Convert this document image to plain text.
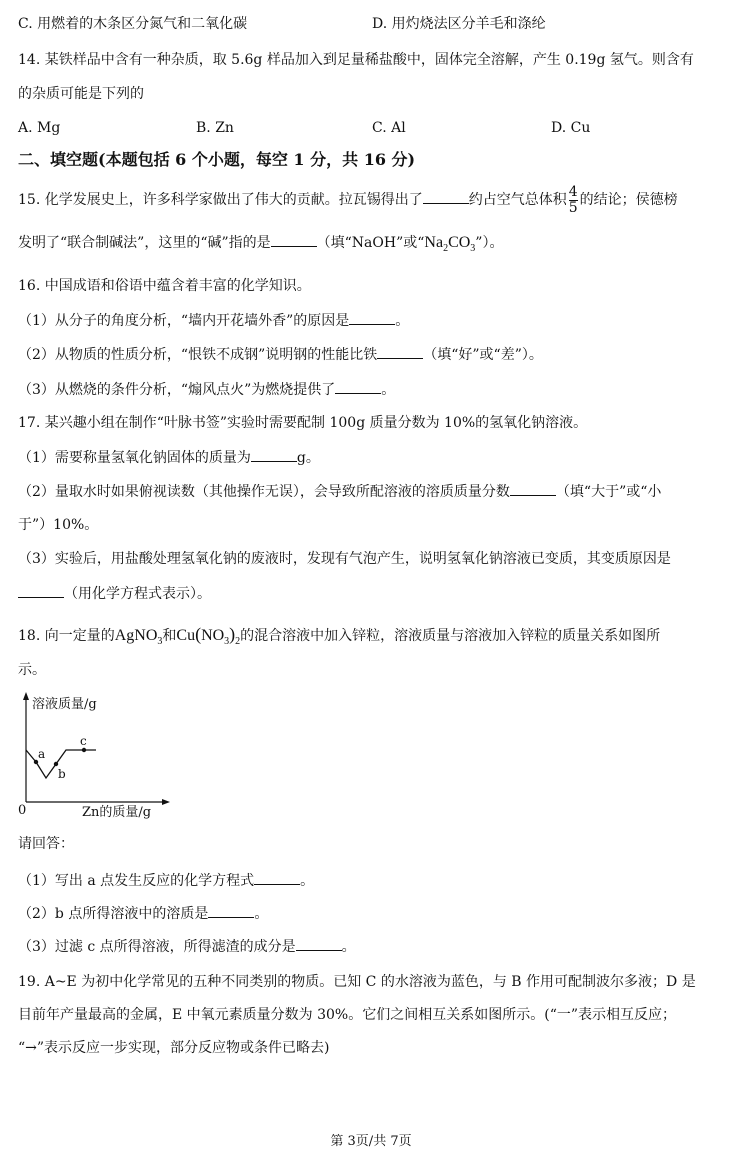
C. 用燃着的木条区分氮气和二氧化碳	D. 用灼烧法区分羊毛和涤纶
14. 某铁样品中含有一种杂质，取 5.6g 样品加入到足量稀盐酸中，固体完全溶解，产生 0.19g 氢气。则含有
的杂质可能是下列的
A. Mg	B. Zn	C. Al	D. Cu
二、填空题(本题包括 6 个小题，每空 1 分，共 16 分)
15. 化学发展史上，许多科学家做出了伟大的贡献。拉瓦锡得出了	约占空气总体积 $\frac{4}{5}$ 的结论；侯德榜
发明了“联合制碱法”，这里的“碱”指的是	（填“NaOH”或“$Na_2CO_3$”）。
16. 中国成语和俗语中蕴含着丰富的化学知识。
（1）从分子的角度分析，“墙内开花墙外香”的原因是	。
（2）从物质的性质分析，“恨铁不成钢”说明钢的性能比铁	（填“好”或“差”）。
（3）从燃烧的条件分析，“煽风点火”为燃烧提供了	。
17. 某兴趣小组在制作“叶脉书签”实验时需要配制 100g 质量分数为 10%的氢氧化钠溶液。
（1）需要称量氢氧化钠固体的质量为	g。
（2）量取水时如果俯视读数（其他操作无误），会导致所配溶液的溶质质量分数	（填“大于”或“小
于”）10%。
（3）实验后，用盐酸处理氢氧化钠的废液时，发现有气泡产生，说明氢氧化钠溶液已变质，其变质原因是
（用化学方程式表示）。
18. 向一定量的AgNO$_3$和$Cu(NO_3)_2$的混合溶液中加入锌粒，溶液质量与溶液加入锌粒的质量关系如图所
示。
溶液质量/g
Zn的质量/g
0
a
b
c
请回答：
（1）写出 a 点发生反应的化学方程式	。
（2）b 点所得溶液中的溶质是	。
（3）过滤 c 点所得溶液，所得滤渣的成分是	。
19. A~E 为初中化学常见的五种不同类别的物质。已知 C 的水溶液为蓝色，与 B 作用可配制波尔多液；D 是
目前年产量最高的金属，E 中氧元素质量分数为 30%。它们之间相互关系如图所示。(“一”表示相互反应；
“→”表示反应一步实现，部分反应物或条件已略去)
第 3页/共 7页
